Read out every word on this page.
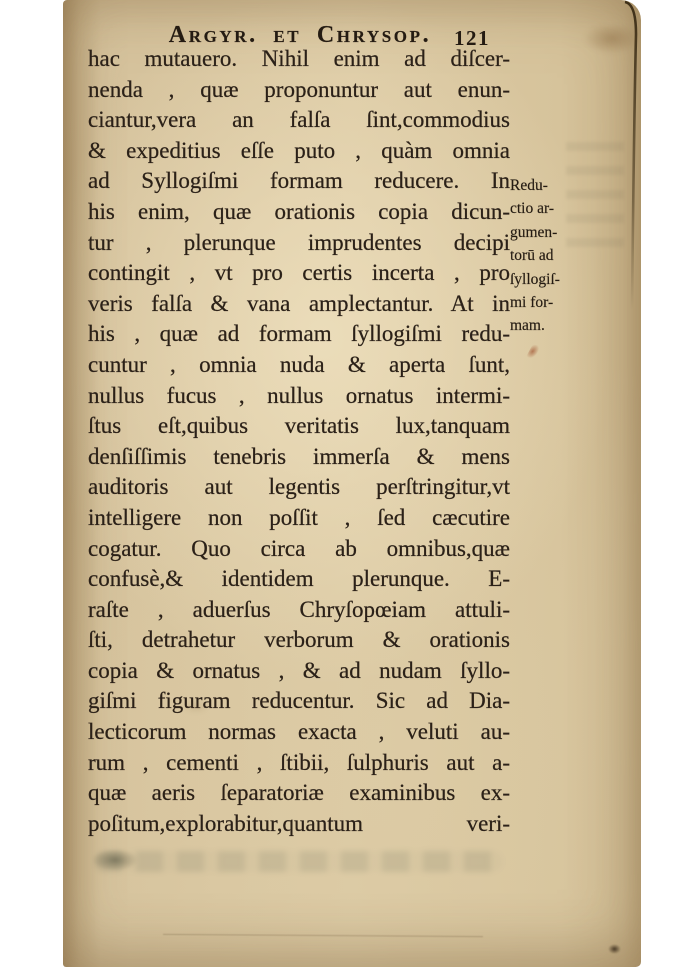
Argyr. et Chrysop.	121
hac mutauero. Nihil enim ad diſcer-
nenda , quæ proponuntur aut enun-
ciantur,vera an falſa ſint,commodius
& expeditius eſſe puto , quàm omnia
ad Syllogiſmi formam reducere. In
his enim, quæ orationis copia dicun-
tur , plerunque imprudentes decipi
contingit , vt pro certis incerta , pro
veris falſa & vana amplectantur. At in
his , quæ ad formam ſyllogiſmi redu-
cuntur , omnia nuda & aperta ſunt,
nullus fucus , nullus ornatus intermi-
ſtus eſt,quibus veritatis lux,tanquam
denſiſſimis tenebris immerſa & mens
auditoris aut legentis perſtringitur,vt
intelligere non poſſit , ſed cæcutire
cogatur. Quo circa ab omnibus,quæ
confusè,& identidem plerunque. E-
raſte , aduerſus Chryſopœiam attuli-
ſti, detrahetur verborum & orationis
copia & ornatus , & ad nudam ſyllo-
giſmi figuram reducentur. Sic ad Dia-
lecticorum normas exacta , veluti au-
rum , cementi , ſtibii, ſulphuris aut a-
quæ aeris ſeparatoriæ examinibus ex-
poſitum,explorabitur,quantum veri-
Redu-
ctio ar-
gumen-
torū ad
ſyllogiſ-
mi for-
mam.
